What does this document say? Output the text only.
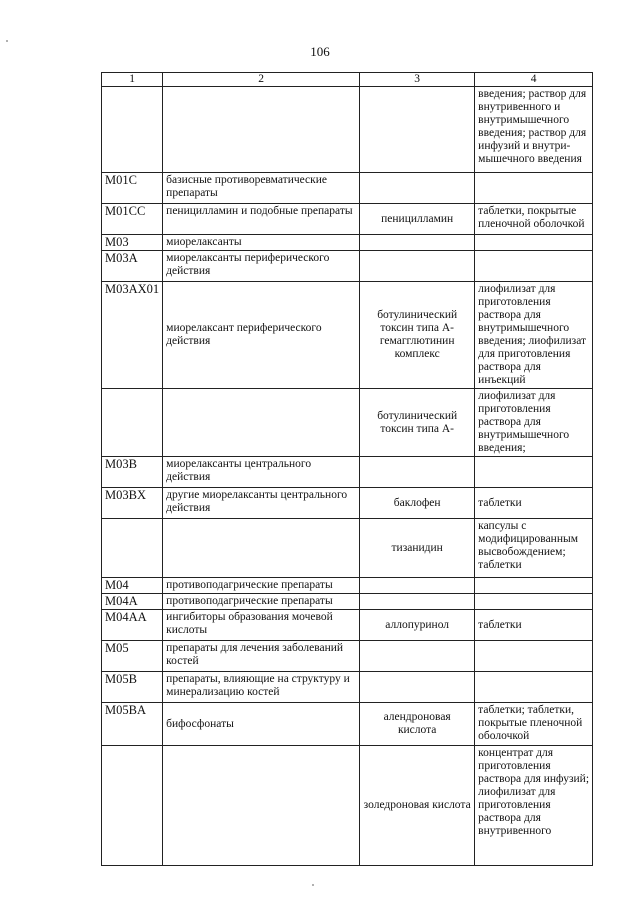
106
1	2	3	4
			введения; раствор для внутривенного и внутримышечного введения; раствор для инфузий и внутри-мышечного введения
M01C	базисные противоревматические препараты		
M01CC	пеницилламин и подобные препараты	пеницилламин	таблетки, покрытые пленочной оболочкой
M03	миорелаксанты		
M03A	миорелаксанты периферического действия		
M03AX01	миорелаксант периферического действия	ботулинический токсин типа А-гемагглютинин комплекс	лиофилизат для приготовления раствора для внутримышечного введения; лиофилизат для приготовления раствора для инъекций
		ботулинический токсин типа А-	лиофилизат для приготовления раствора для внутримышечного введения;
M03B	миорелаксанты центрального действия		
M03BX	другие миорелаксанты центрального действия	баклофен	таблетки
		тизанидин	капсулы с модифицированным высвобождением; таблетки
M04	противоподагрические препараты		
M04A	противоподагрические препараты		
M04AA	ингибиторы образования мочевой кислоты	аллопуринол	таблетки
M05	препараты для лечения заболеваний костей		
M05B	препараты, влияющие на структуру и минерализацию костей		
M05BA	бифосфонаты	алендроновая кислота	таблетки; таблетки, покрытые пленочной оболочкой
		золедроновая кислота	концентрат для приготовления раствора для инфузий; лиофилизат для приготовления раствора для внутривенного
